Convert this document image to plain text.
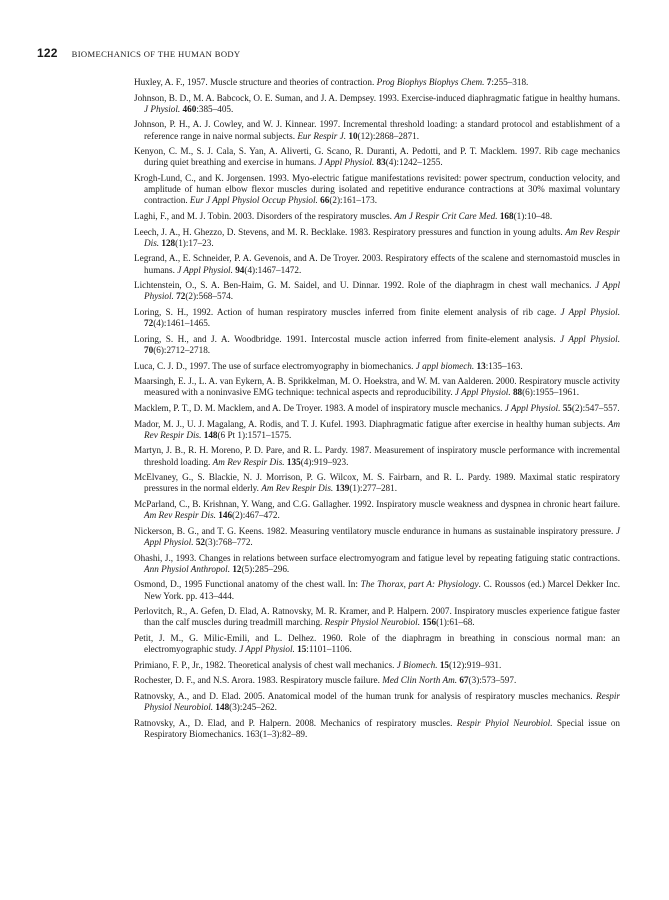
122 BIOMECHANICS OF THE HUMAN BODY

Huxley, A. F., 1957. Muscle structure and theories of contraction. Prog Biophys Biophys Chem. 7:255–318.

Johnson, B. D., M. A. Babcock, O. E. Suman, and J. A. Dempsey. 1993. Exercise-induced diaphragmatic fatigue in healthy humans. J Physiol. 460:385–405.

Johnson, P. H., A. J. Cowley, and W. J. Kinnear. 1997. Incremental threshold loading: a standard protocol and establishment of a reference range in naive normal subjects. Eur Respir J. 10(12):2868–2871.

Kenyon, C. M., S. J. Cala, S. Yan, A. Aliverti, G. Scano, R. Duranti, A. Pedotti, and P. T. Macklem. 1997. Rib cage mechanics during quiet breathing and exercise in humans. J Appl Physiol. 83(4):1242–1255.

Krogh-Lund, C., and K. Jorgensen. 1993. Myo-electric fatigue manifestations revisited: power spectrum, conduction velocity, and amplitude of human elbow flexor muscles during isolated and repetitive endurance contractions at 30% maximal voluntary contraction. Eur J Appl Physiol Occup Physiol. 66(2):161–173.

Laghi, F., and M. J. Tobin. 2003. Disorders of the respiratory muscles. Am J Respir Crit Care Med. 168(1):10–48.

Leech, J. A., H. Ghezzo, D. Stevens, and M. R. Becklake. 1983. Respiratory pressures and function in young adults. Am Rev Respir Dis. 128(1):17–23.

Legrand, A., E. Schneider, P. A. Gevenois, and A. De Troyer. 2003. Respiratory effects of the scalene and sternomastoid muscles in humans. J Appl Physiol. 94(4):1467–1472.

Lichtenstein, O., S. A. Ben-Haim, G. M. Saidel, and U. Dinnar. 1992. Role of the diaphragm in chest wall mechanics. J Appl Physiol. 72(2):568–574.

Loring, S. H., 1992. Action of human respiratory muscles inferred from finite element analysis of rib cage. J Appl Physiol. 72(4):1461–1465.

Loring, S. H., and J. A. Woodbridge. 1991. Intercostal muscle action inferred from finite-element analysis. J Appl Physiol. 70(6):2712–2718.

Luca, C. J. D., 1997. The use of surface electromyography in biomechanics. J appl biomech. 13:135–163.

Maarsingh, E. J., L. A. van Eykern, A. B. Sprikkelman, M. O. Hoekstra, and W. M. van Aalderen. 2000. Respiratory muscle activity measured with a noninvasive EMG technique: technical aspects and reproducibility. J Appl Physiol. 88(6):1955–1961.

Macklem, P. T., D. M. Macklem, and A. De Troyer. 1983. A model of inspiratory muscle mechanics. J Appl Physiol. 55(2):547–557.

Mador, M. J., U. J. Magalang, A. Rodis, and T. J. Kufel. 1993. Diaphragmatic fatigue after exercise in healthy human subjects. Am Rev Respir Dis. 148(6 Pt 1):1571–1575.

Martyn, J. B., R. H. Moreno, P. D. Pare, and R. L. Pardy. 1987. Measurement of inspiratory muscle performance with incremental threshold loading. Am Rev Respir Dis. 135(4):919–923.

McElvaney, G., S. Blackie, N. J. Morrison, P. G. Wilcox, M. S. Fairbarn, and R. L. Pardy. 1989. Maximal static respiratory pressures in the normal elderly. Am Rev Respir Dis. 139(1):277–281.

McParland, C., B. Krishnan, Y. Wang, and C.G. Gallagher. 1992. Inspiratory muscle weakness and dyspnea in chronic heart failure. Am Rev Respir Dis. 146(2):467–472.

Nickerson, B. G., and T. G. Keens. 1982. Measuring ventilatory muscle endurance in humans as sustainable inspiratory pressure. J Appl Physiol. 52(3):768–772.

Ohashi, J., 1993. Changes in relations between surface electromyogram and fatigue level by repeating fatiguing static contractions. Ann Physiol Anthropol. 12(5):285–296.

Osmond, D., 1995 Functional anatomy of the chest wall. In: The Thorax, part A: Physiology. C. Roussos (ed.) Marcel Dekker Inc. New York. pp. 413–444.

Perlovitch, R., A. Gefen, D. Elad, A. Ratnovsky, M. R. Kramer, and P. Halpern. 2007. Inspiratory muscles experience fatigue faster than the calf muscles during treadmill marching. Respir Physiol Neurobiol. 156(1):61–68.

Petit, J. M., G. Milic-Emili, and L. Delhez. 1960. Role of the diaphragm in breathing in conscious normal man: an electromyographic study. J Appl Physiol. 15:1101–1106.

Primiano, F. P., Jr., 1982. Theoretical analysis of chest wall mechanics. J Biomech. 15(12):919–931.

Rochester, D. F., and N.S. Arora. 1983. Respiratory muscle failure. Med Clin North Am. 67(3):573–597.

Ratnovsky, A., and D. Elad. 2005. Anatomical model of the human trunk for analysis of respiratory muscles mechanics. Respir Physiol Neurobiol. 148(3):245–262.

Ratnovsky, A., D. Elad, and P. Halpern. 2008. Mechanics of respiratory muscles. Respir Phyiol Neurobiol. Special issue on Respiratory Biomechanics. 163(1–3):82–89.
